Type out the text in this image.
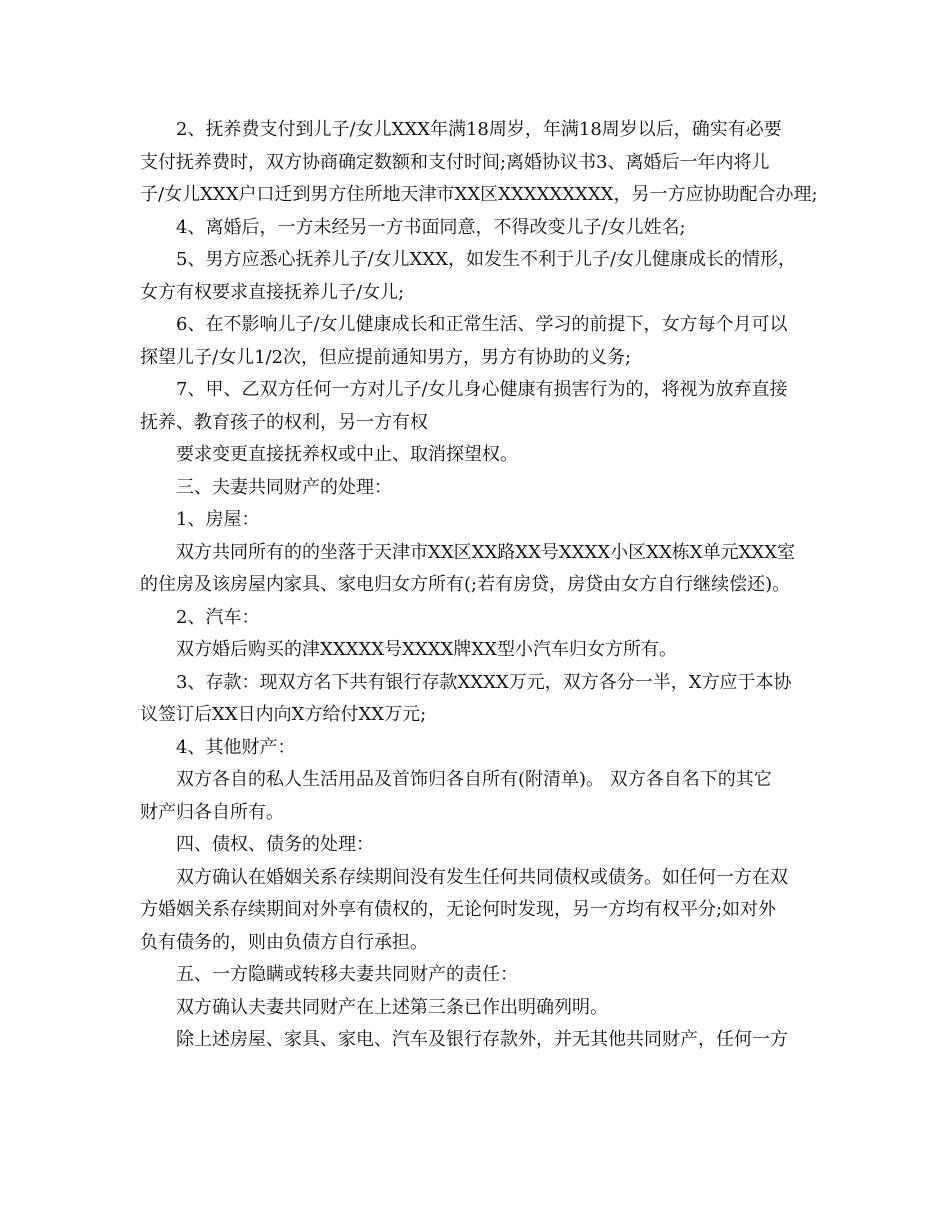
2、抚养费支付到儿子/女儿XXX年满18周岁，年满18周岁以后，确实有必要

支付抚养费时，双方协商确定数额和支付时间;离婚协议书3、离婚后一年内将儿

子/女儿XXX户口迁到男方住所地天津市XX区XXXXXXXXX，另一方应协助配合办理;

4、离婚后，一方未经另一方书面同意，不得改变儿子/女儿姓名;

5、男方应悉心抚养儿子/女儿XXX，如发生不利于儿子/女儿健康成长的情形，

女方有权要求直接抚养儿子/女儿;

6、在不影响儿子/女儿健康成长和正常生活、学习的前提下，女方每个月可以

探望儿子/女儿1/2次，但应提前通知男方，男方有协助的义务;

7、甲、乙双方任何一方对儿子/女儿身心健康有损害行为的，将视为放弃直接

抚养、教育孩子的权利，另一方有权

要求变更直接抚养权或中止、取消探望权。

三、夫妻共同财产的处理：

1、房屋：

双方共同所有的的坐落于天津市XX区XX路XX号XXXX小区XX栋X单元XXX室

的住房及该房屋内家具、家电归女方所有(;若有房贷，房贷由女方自行继续偿还)。

2、汽车：

双方婚后购买的津XXXXX号XXXX牌XX型小汽车归女方所有。

3、存款：现双方名下共有银行存款XXXX万元，双方各分一半，X方应于本协

议签订后XX日内向X方给付XX万元;

4、其他财产：

双方各自的私人生活用品及首饰归各自所有(附清单)。 双方各自名下的其它

财产归各自所有。

四、债权、债务的处理：

双方确认在婚姻关系存续期间没有发生任何共同债权或债务。如任何一方在双

方婚姻关系存续期间对外享有债权的，无论何时发现，另一方均有权平分;如对外

负有债务的，则由负债方自行承担。

五、一方隐瞒或转移夫妻共同财产的责任：

双方确认夫妻共同财产在上述第三条已作出明确列明。

除上述房屋、家具、家电、汽车及银行存款外，并无其他共同财产，任何一方
